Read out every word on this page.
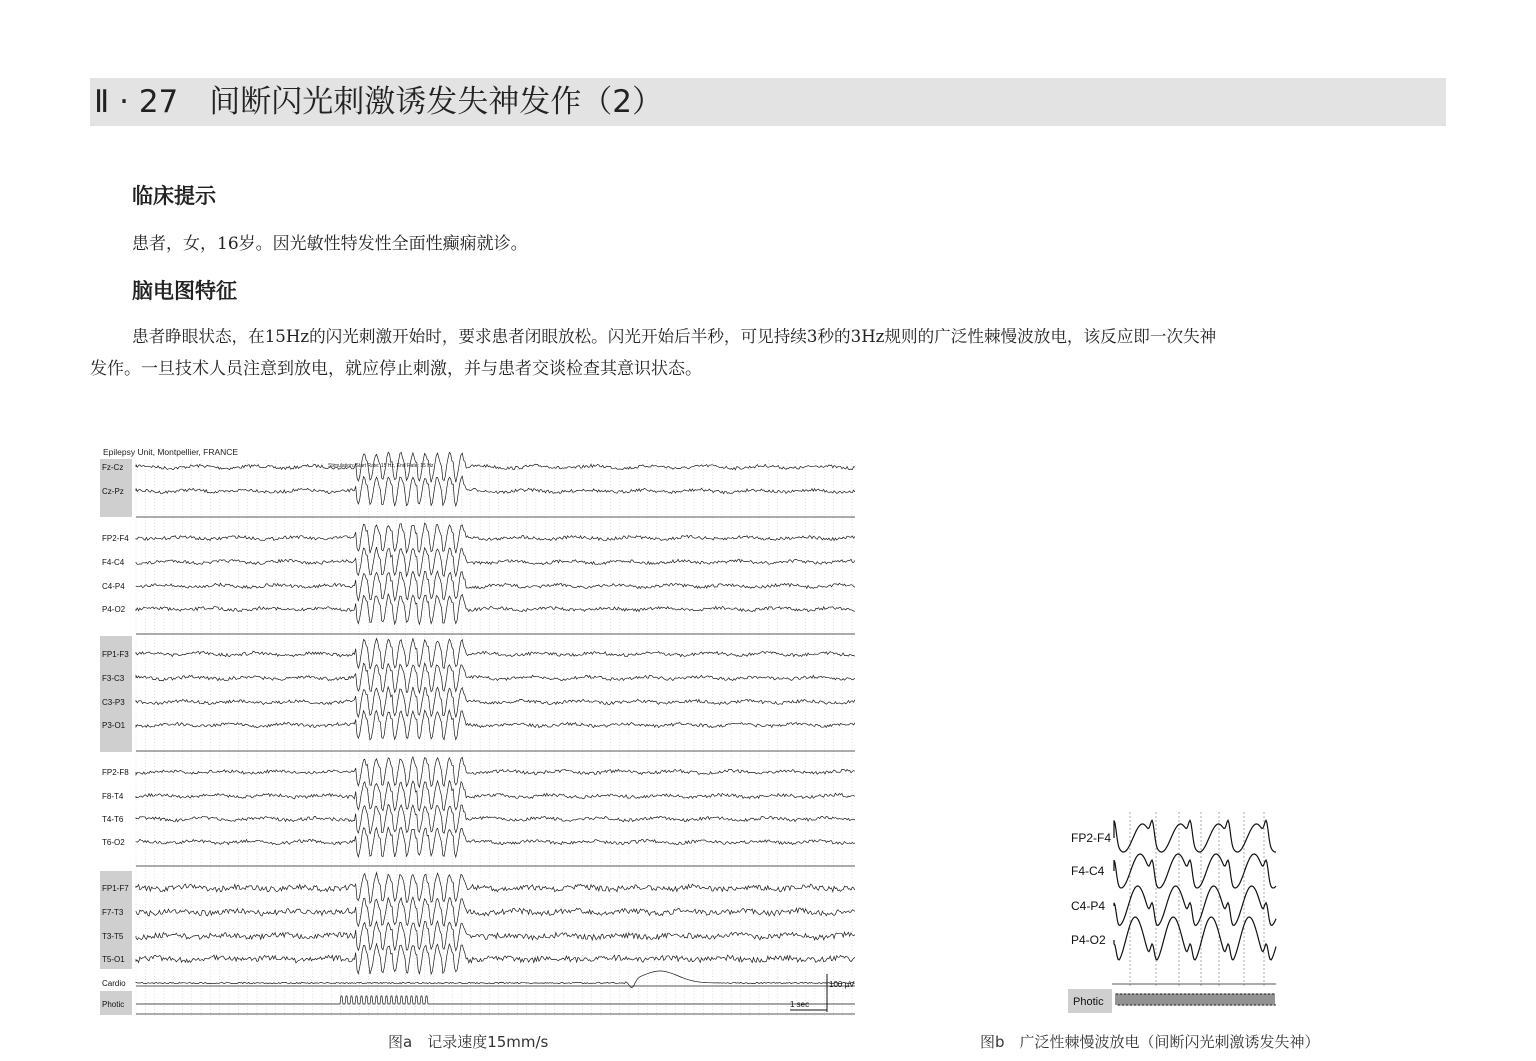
Ⅱ · 27　间断闪光刺激诱发失神发作（2）
临床提示
患者，女，16岁。因光敏性特发性全面性癫痫就诊。
脑电图特征
患者睁眼状态，在15Hz的闪光刺激开始时，要求患者闭眼放松。闪光开始后半秒，可见持续3秒的3Hz规则的广泛性棘慢波放电，该反应即一次失神
发作。一旦技术人员注意到放电，就应停止刺激，并与患者交谈检查其意识状态。
Epilepsy Unit, Montpellier, FRANCE
Stimulation: Start Rate: 15 Hz, End Rate: 15 Hz
Fz-Cz
Cz-Pz
FP2-F4
F4-C4
C4-P4
P4-O2
FP1-F3
F3-C3
C3-P3
P3-O1
FP2-F8
F8-T4
T4-T6
T6-O2
FP1-F7
F7-T3
T3-T5
T5-O1
Cardio
Photic
100 µV
1 sec
图a　记录速度15mm/s
FP2-F4
F4-C4
C4-P4
P4-O2
Photic
图b　广泛性棘慢波放电（间断闪光刺激诱发失神）
